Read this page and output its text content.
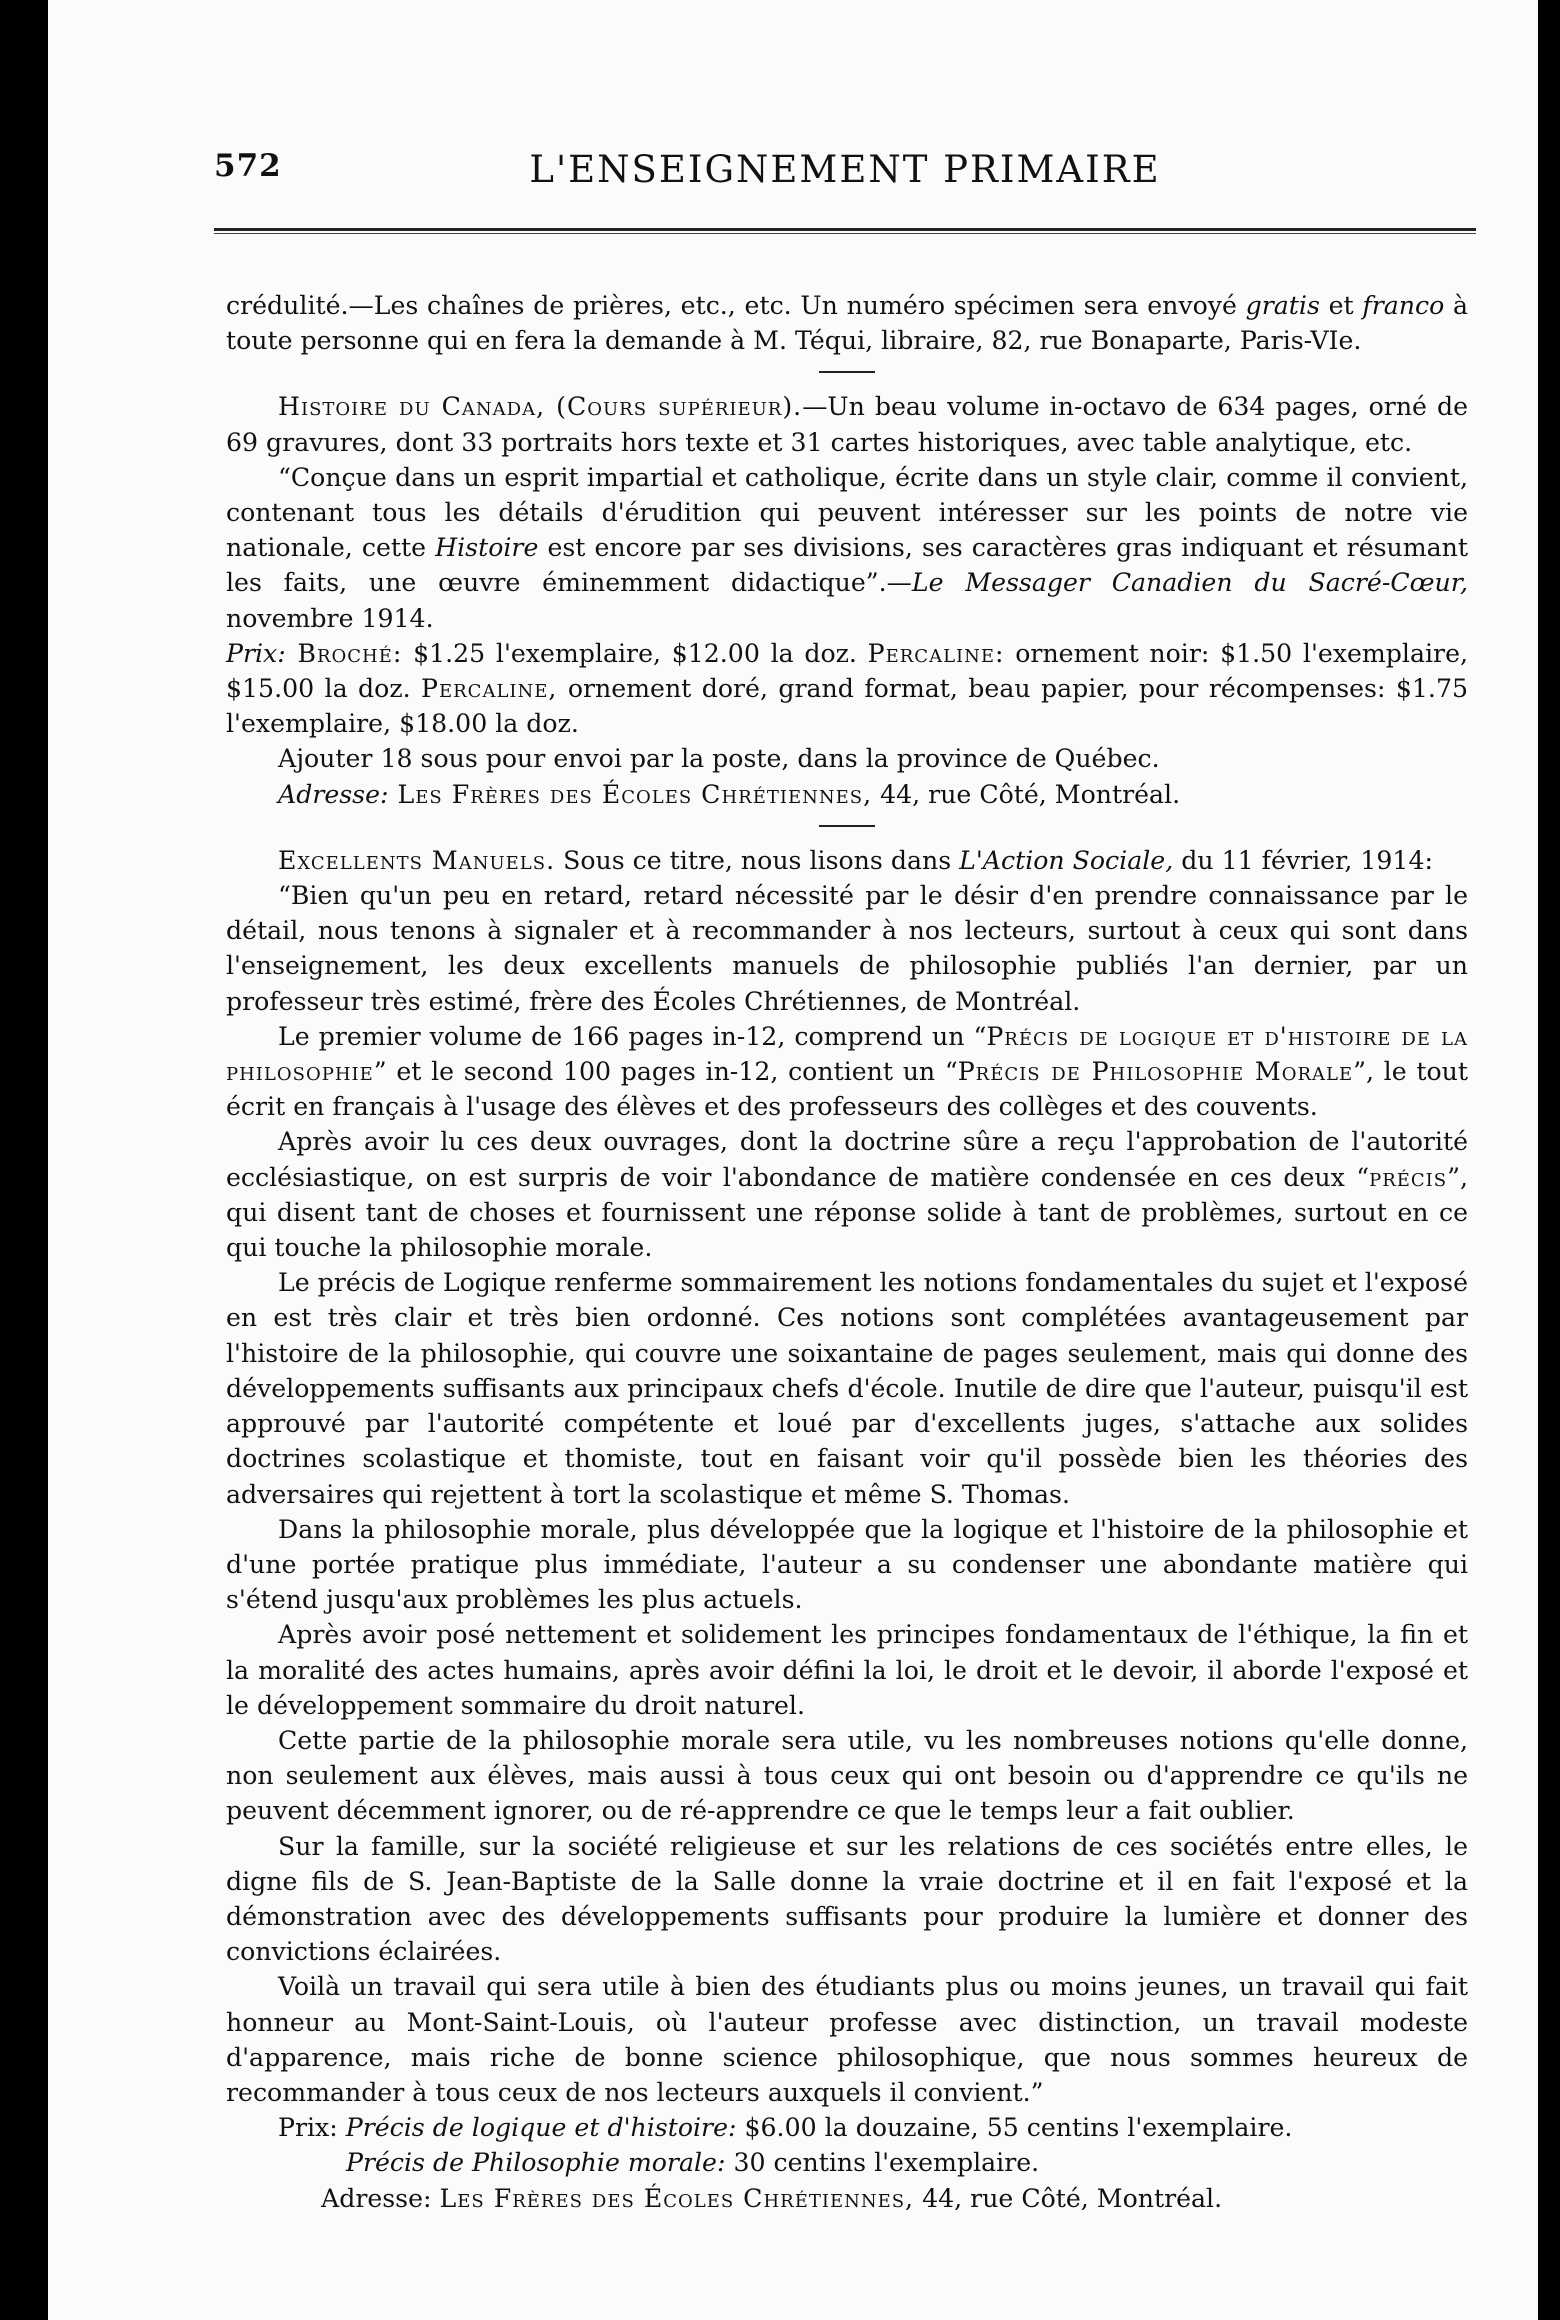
572	L'ENSEIGNEMENT PRIMAIRE

crédulité.—Les chaînes de prières, etc., etc. Un numéro spécimen sera envoyé gratis et franco à toute personne qui en fera la demande à M. Téqui, libraire, 82, rue Bonaparte, Paris-VIe.

Histoire du Canada, (Cours supérieur).—Un beau volume in-octavo de 634 pages, orné de 69 gravures, dont 33 portraits hors texte et 31 cartes historiques, avec table analytique, etc.

“Conçue dans un esprit impartial et catholique, écrite dans un style clair, comme il convient, contenant tous les détails d'érudition qui peuvent intéresser sur les points de notre vie nationale, cette Histoire est encore par ses divisions, ses caractères gras indiquant et résumant les faits, une œuvre éminemment didactique”.—Le Messager Canadien du Sacré-Cœur, novembre 1914.

Prix: Broché: $1.25 l'exemplaire, $12.00 la doz. Percaline: ornement noir: $1.50 l'exemplaire, $15.00 la doz. Percaline, ornement doré, grand format, beau papier, pour récompenses: $1.75 l'exemplaire, $18.00 la doz.

Ajouter 18 sous pour envoi par la poste, dans la province de Québec.

Adresse: Les Frères des Écoles Chrétiennes, 44, rue Côté, Montréal.

Excellents Manuels. Sous ce titre, nous lisons dans L'Action Sociale, du 11 février, 1914:

“Bien qu'un peu en retard, retard nécessité par le désir d'en prendre connaissance par le détail, nous tenons à signaler et à recommander à nos lecteurs, surtout à ceux qui sont dans l'enseignement, les deux excellents manuels de philosophie publiés l'an dernier, par un professeur très estimé, frère des Écoles Chrétiennes, de Montréal.

Le premier volume de 166 pages in-12, comprend un “Précis de logique et d'histoire de la philosophie” et le second 100 pages in-12, contient un “Précis de Philosophie Morale”, le tout écrit en français à l'usage des élèves et des professeurs des collèges et des couvents.

Après avoir lu ces deux ouvrages, dont la doctrine sûre a reçu l'approbation de l'autorité ecclésiastique, on est surpris de voir l'abondance de matière condensée en ces deux “précis”, qui disent tant de choses et fournissent une réponse solide à tant de problèmes, surtout en ce qui touche la philosophie morale.

Le précis de Logique renferme sommairement les notions fondamentales du sujet et l'exposé en est très clair et très bien ordonné. Ces notions sont complétées avantageusement par l'histoire de la philosophie, qui couvre une soixantaine de pages seulement, mais qui donne des développements suffisants aux principaux chefs d'école. Inutile de dire que l'auteur, puisqu'il est approuvé par l'autorité compétente et loué par d'excellents juges, s'attache aux solides doctrines scolastique et thomiste, tout en faisant voir qu'il possède bien les théories des adversaires qui rejettent à tort la scolastique et même S. Thomas.

Dans la philosophie morale, plus développée que la logique et l'histoire de la philosophie et d'une portée pratique plus immédiate, l'auteur a su condenser une abondante matière qui s'étend jusqu'aux problèmes les plus actuels.

Après avoir posé nettement et solidement les principes fondamentaux de l'éthique, la fin et la moralité des actes humains, après avoir défini la loi, le droit et le devoir, il aborde l'exposé et le développement sommaire du droit naturel.

Cette partie de la philosophie morale sera utile, vu les nombreuses notions qu'elle donne, non seulement aux élèves, mais aussi à tous ceux qui ont besoin ou d'apprendre ce qu'ils ne peuvent décemment ignorer, ou de ré-apprendre ce que le temps leur a fait oublier.

Sur la famille, sur la société religieuse et sur les relations de ces sociétés entre elles, le digne fils de S. Jean-Baptiste de la Salle donne la vraie doctrine et il en fait l'exposé et la démonstration avec des développements suffisants pour produire la lumière et donner des convictions éclairées.

Voilà un travail qui sera utile à bien des étudiants plus ou moins jeunes, un travail qui fait honneur au Mont-Saint-Louis, où l'auteur professe avec distinction, un travail modeste d'apparence, mais riche de bonne science philosophique, que nous sommes heureux de recommander à tous ceux de nos lecteurs auxquels il convient.”

Prix: Précis de logique et d'histoire: $6.00 la douzaine, 55 centins l'exemplaire.

Précis de Philosophie morale: 30 centins l'exemplaire.

Adresse: Les Frères des Écoles Chrétiennes, 44, rue Côté, Montréal.
